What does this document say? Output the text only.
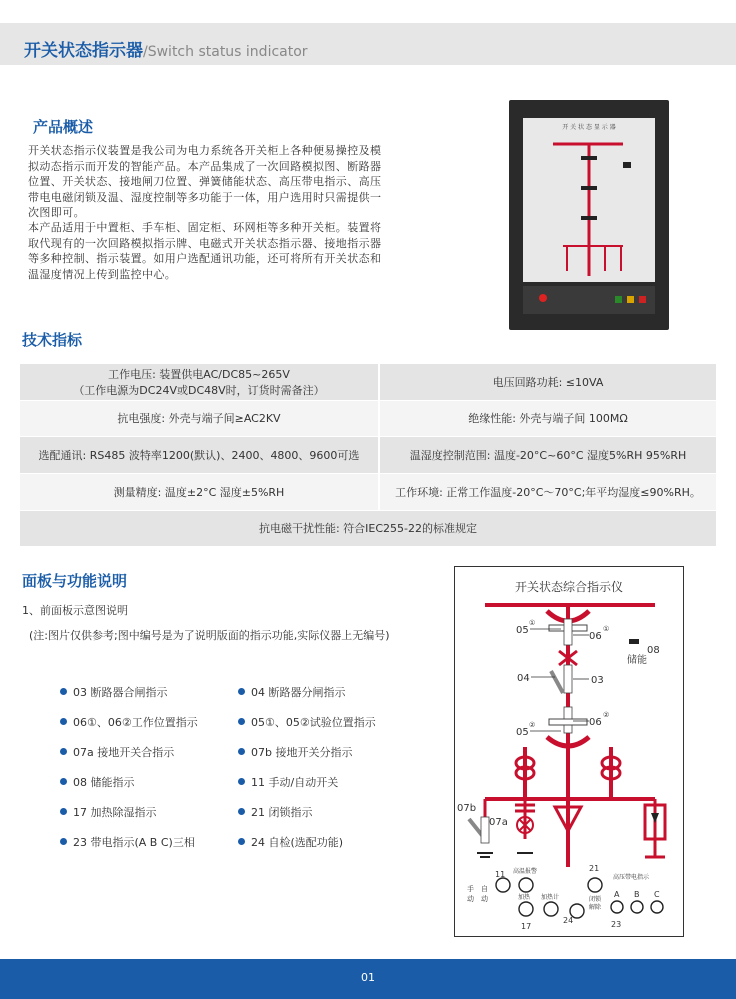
开关状态指示器/Switch status indicator
产品概述
开关状态指示仪装置是我公司为电力系统各开关柜上各种便易操控及模
拟动态指示而开发的智能产品。本产品集成了一次回路模拟图、断路器
位置、开关状态、接地闸刀位置、弹簧储能状态、高压带电指示、高压
带电电磁闭锁及温、湿度控制等多功能于一体，用户选用时只需提供一
次图即可。
本产品适用于中置柜、手车柜、固定柜、环网柜等多种开关柜。装置将
取代现有的一次回路模拟指示牌、电磁式开关状态指示器、接地指示器
等多种控制、指示装置。如用户选配通讯功能，还可将所有开关状态和
温湿度情况上传到监控中心。
开 关 状 态 显 示 器
技术指标
工作电压: 装置供电AC/DC85~265V
（工作电源为DC24V或DC48V时，订货时需备注）	电压回路功耗: ≤10VA
抗电强度: 外壳与端子间≥AC2KV	绝缘性能: 外壳与端子间 100MΩ
选配通讯: RS485 波特率1200(默认)、2400、4800、9600可选	温湿度控制范围: 温度-20°C~60°C 湿度5%RH 95%RH
测量精度: 温度±2°C 湿度±5%RH	工作环境: 正常工作温度-20°C～70°C;年平均湿度≤90%RH。
抗电磁干扰性能: 符合IEC255-22的标准规定	
面板与功能说明
1、前面板示意图说明
(注:图片仅供参考;图中编号是为了说明版面的指示功能,实际仪器上无编号)
03 断路器合闸指示
06①、06②工作位置指示
07a 接地开关合指示
08 储能指示
17 加热除湿指示
23 带电指示(A B C)三相
04 断路器分闸指示
05①、05②试验位置指示
07b 接地开关分指示
11 手动/自动开关
21 闭锁指示
24 自检(选配功能)
开关状态综合指示仪
05
①
06
①
08
储能
04	03
05
②	06
②
07b
07a
11
手
动
自
动
高温报警
加热
17
加热计
21
闭锁
解除
24
高压带电指示
A B C
23
01
